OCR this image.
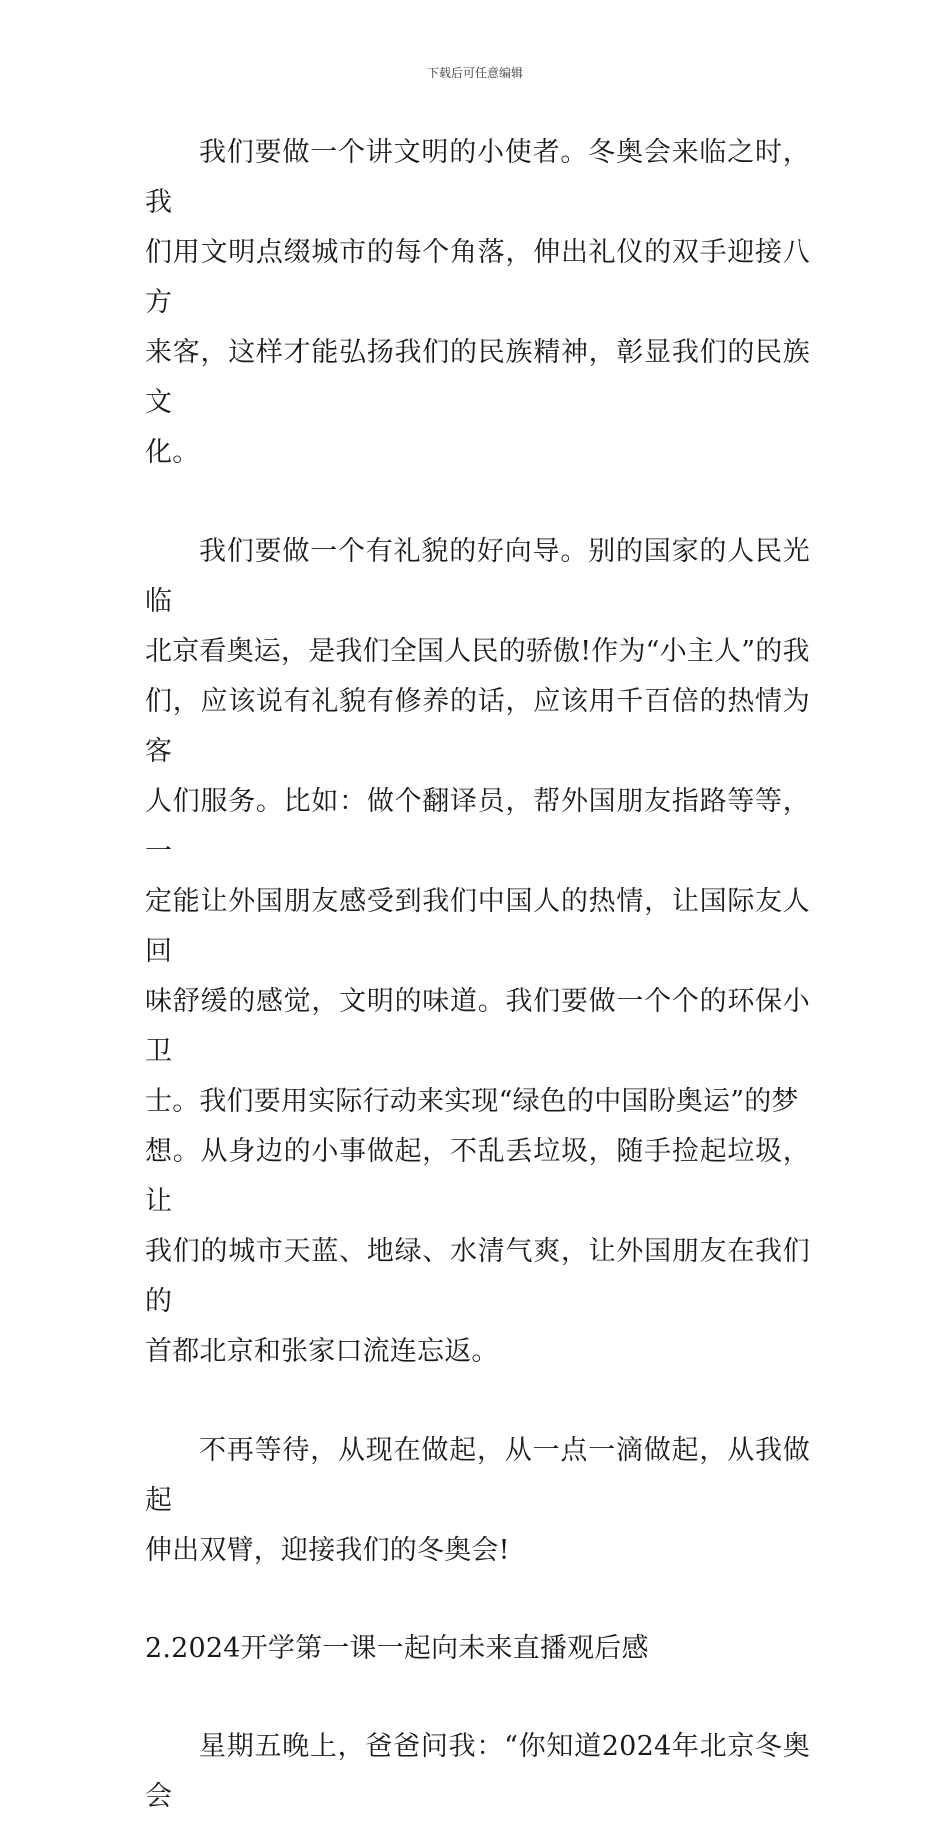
下载后可任意编辑

我们要做一个讲文明的小使者。冬奥会来临之时，我
们用文明点缀城市的每个角落，伸出礼仪的双手迎接八方
来客，这样才能弘扬我们的民族精神，彰显我们的民族文
化。

我们要做一个有礼貌的好向导。别的国家的人民光临
北京看奥运，是我们全国人民的骄傲!作为“小主人”的我
们，应该说有礼貌有修养的话，应该用千百倍的热情为客
人们服务。比如：做个翻译员，帮外国朋友指路等等，一
定能让外国朋友感受到我们中国人的热情，让国际友人回
味舒缓的感觉，文明的味道。我们要做一个个的环保小卫
士。我们要用实际行动来实现“绿色的中国盼奥运”的梦
想。从身边的小事做起，不乱丢垃圾，随手捡起垃圾，让
我们的城市天蓝、地绿、水清气爽，让外国朋友在我们的
首都北京和张家口流连忘返。

不再等待，从现在做起，从一点一滴做起，从我做起
伸出双臂，迎接我们的冬奥会!

2.2024开学第一课一起向未来直播观后感

星期五晚上，爸爸问我：“你知道2024年北京冬奥会
